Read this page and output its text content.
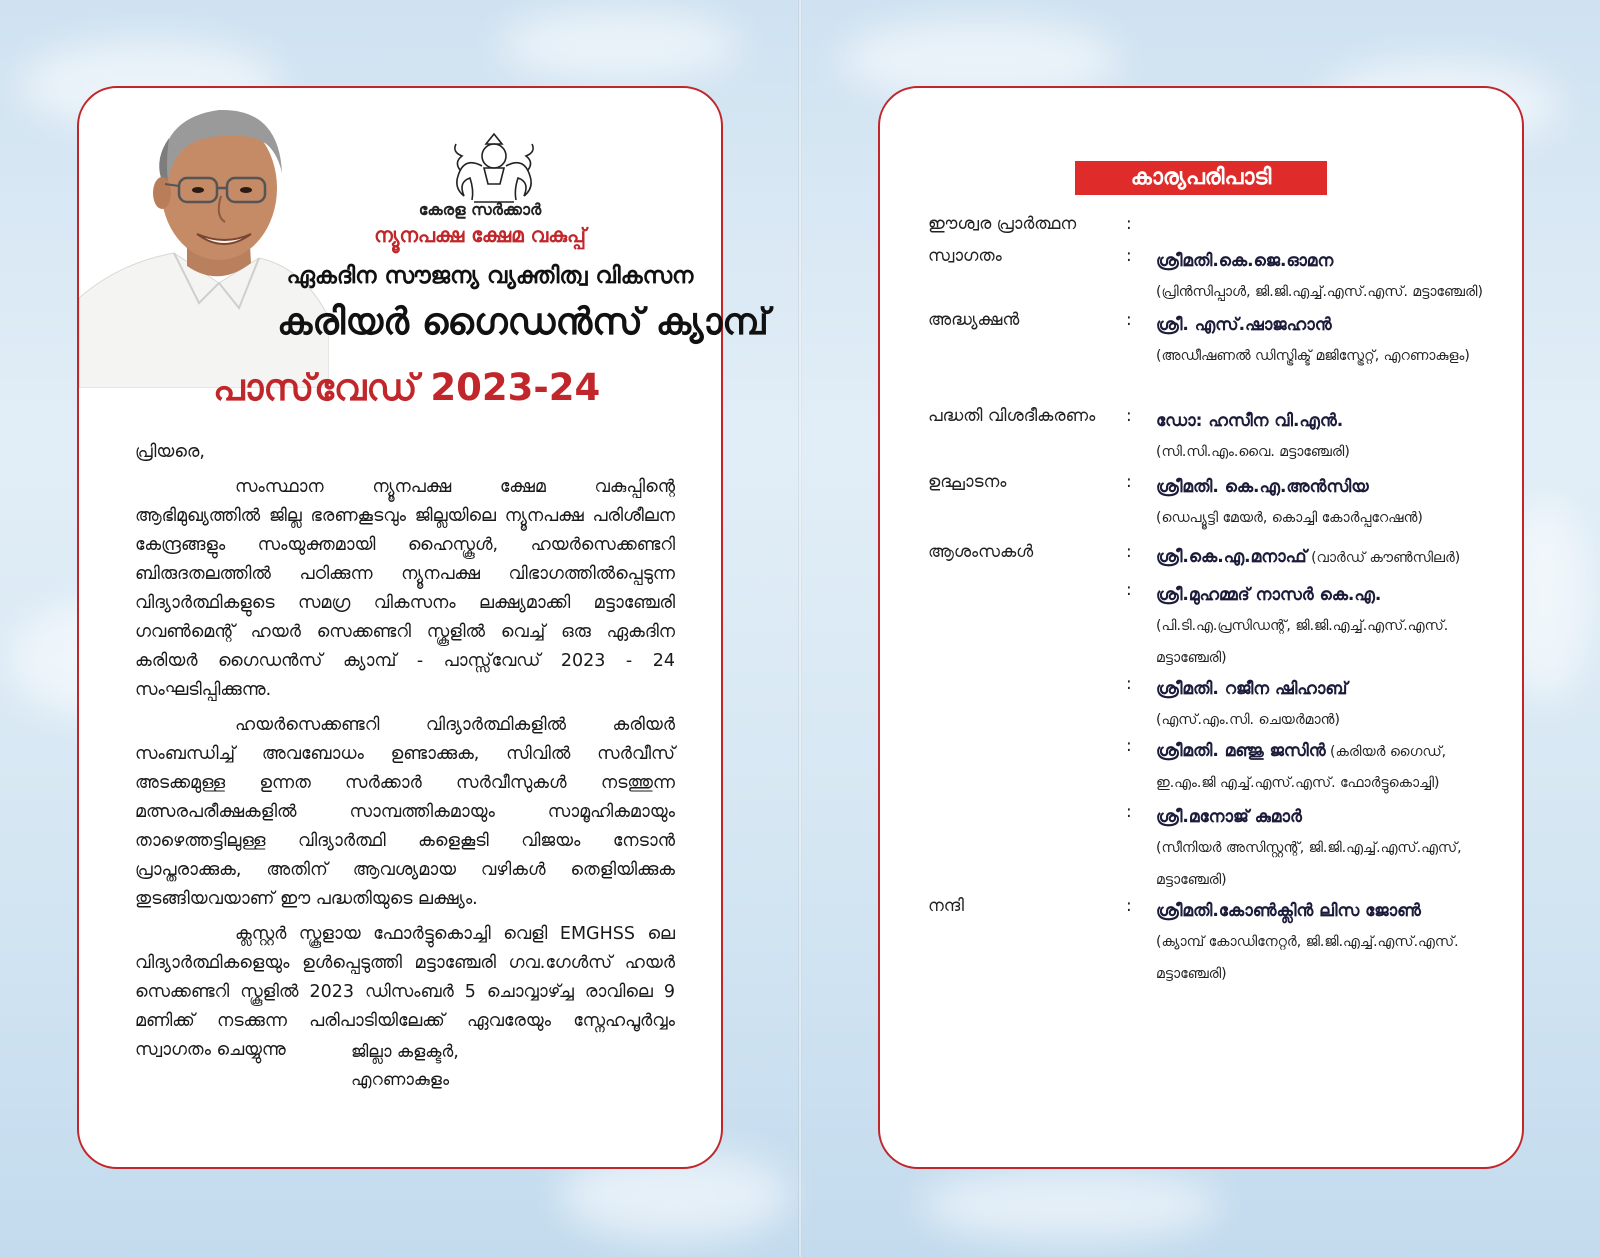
കേരള സർക്കാർ
ന്യൂനപക്ഷ ക്ഷേമ വകുപ്പ്
ഏകദിന സൗജന്യ വ്യക്തിത്വ വികസന
കരിയർ ഗൈഡൻസ് ക്യാമ്പ്
പാസ്‌വേഡ് 2023-24

പ്രിയരെ,

സംസ്ഥാന ന്യൂനപക്ഷ ക്ഷേമ വകുപ്പിന്റെ ആഭിമുഖ്യത്തിൽ ജില്ല ഭരണകൂടവും ജില്ലയിലെ ന്യൂനപക്ഷ പരിശീലന കേന്ദ്രങ്ങളും സംയുക്തമായി ഹൈസ്കൂൾ, ഹയർസെക്കണ്ടറി ബിരുദതലത്തിൽ പഠിക്കുന്ന ന്യൂനപക്ഷ വിഭാഗത്തിൽപ്പെടുന്ന വിദ്യാർത്ഥികളുടെ സമഗ്ര വികസനം ലക്ഷ്യമാക്കി മട്ടാഞ്ചേരി ഗവൺമെന്റ് ഹയർ സെക്കണ്ടറി സ്കൂളിൽ വെച്ച് ഒരു ഏകദിന കരിയർ ഗൈഡൻസ് ക്യാമ്പ് - പാസ്സ്‌വേഡ് 2023 - 24 സംഘടിപ്പിക്കുന്നു.

ഹയർസെക്കണ്ടറി വിദ്യാർത്ഥികളിൽ കരിയർ സംബന്ധിച്ച് അവബോധം ഉണ്ടാക്കുക, സിവിൽ സർവീസ് അടക്കമുള്ള ഉന്നത സർക്കാർ സർവീസുകൾ നടത്തുന്ന മത്സരപരീക്ഷകളിൽ സാമ്പത്തികമായും സാമൂഹികമായും താഴെത്തട്ടിലുള്ള വിദ്യാർത്ഥി കളെകൂടി വിജയം നേടാൻ പ്രാപ്തരാക്കുക, അതിന് ആവശ്യമായ വഴികൾ തെളിയിക്കുക തുടങ്ങിയവയാണ് ഈ പദ്ധതിയുടെ ലക്ഷ്യം.

ക്ലസ്റ്റർ സ്കൂളായ ഫോർട്ടുകൊച്ചി വെളി EMGHSS ലെ വിദ്യാർത്ഥികളെയും ഉൾപ്പെടുത്തി മട്ടാഞ്ചേരി ഗവ.ഗേൾസ് ഹയർ സെക്കണ്ടറി സ്കൂളിൽ 2023 ഡിസംബർ 5 ചൊവ്വാഴ്ച്ച രാവിലെ 9 മണിക്ക് നടക്കുന്ന പരിപാടിയിലേക്ക് ഏവരേയും സ്നേഹപൂർവ്വം സ്വാഗതം ചെയ്യുന്നു	ജില്ലാ കളക്ടർ,
എറണാകുളം
കാര്യപരിപാടി
ഈശ്വര പ്രാർത്ഥന	:
സ്വാഗതം	: ശ്രീമതി.കെ.ജെ.ഓമന
(പ്രിൻസിപ്പാൾ, ജി.ജി.എച്ച്.എസ്.എസ്. മട്ടാഞ്ചേരി)
അദ്ധ്യക്ഷൻ	: ശ്രീ. എസ്.ഷാജഹാൻ
(അഡീഷണൽ ഡിസ്ട്രിക്ട് മജിസ്ട്രേറ്റ്, എറണാകുളം)
പദ്ധതി വിശദീകരണം : ഡോ: ഹസീന വി.എൻ.
(സി.സി.എം.വൈ. മട്ടാഞ്ചേരി)
ഉദ്ഘാടനം	: ശ്രീമതി. കെ.എ.അൻസിയ
(ഡെപ്യൂട്ടി മേയർ, കൊച്ചി കോർപ്പറേഷൻ)
ആശംസകൾ	: ശ്രീ.കെ.എ.മനാഫ് (വാർഡ് കൗൺസിലർ)
: ശ്രീ.മുഹമ്മദ് നാസർ കെ.എ.
(പി.ടി.എ.പ്രസിഡന്റ്, ജി.ജി.എച്ച്.എസ്.എസ്. മട്ടാഞ്ചേരി)
: ശ്രീമതി. റജീന ഷിഹാബ്
(എസ്.എം.സി. ചെയർമാൻ)
: ശ്രീമതി. മഞ്ജു ജസിൻ (കരിയർ ഗൈഡ്,
ഇ.എം.ജി എച്ച്.എസ്.എസ്. ഫോർട്ടുകൊച്ചി)
: ശ്രീ.മനോജ് കുമാർ
(സീനിയർ അസിസ്റ്റന്റ്, ജി.ജി.എച്ച്.എസ്.എസ്, മട്ടാഞ്ചേരി)
നന്ദി	: ശ്രീമതി.കോൺക്ലിൻ ലിസ ജോൺ
(ക്യാമ്പ് കോഡിനേറ്റർ, ജി.ജി.എച്ച്.എസ്.എസ്. മട്ടാഞ്ചേരി)
